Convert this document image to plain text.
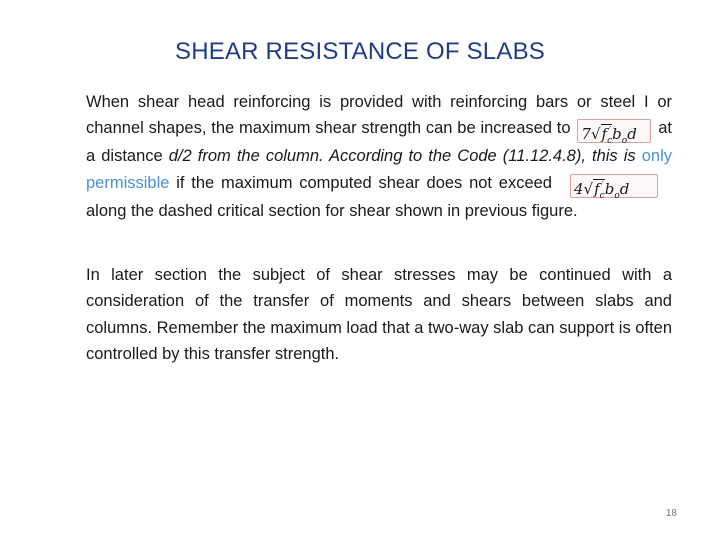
SHEAR RESISTANCE OF SLABS
When shear head reinforcing is provided with reinforcing bars or steel I or channel shapes, the maximum shear strength can be increased to $7√f_c'b_od$ at a distance d/2 from the column. According to the Code (11.12.4.8), this is only permissible if the maximum computed shear does not exceed $4√f_c'b_odalong$ the dashed critical section for shear shown in previous figure.
In later section the subject of shear stresses may be continued with a consideration of the transfer of moments and shears between slabs and columns. Remember the maximum load that a two-way slab can support is often controlled by this transfer strength.
18
